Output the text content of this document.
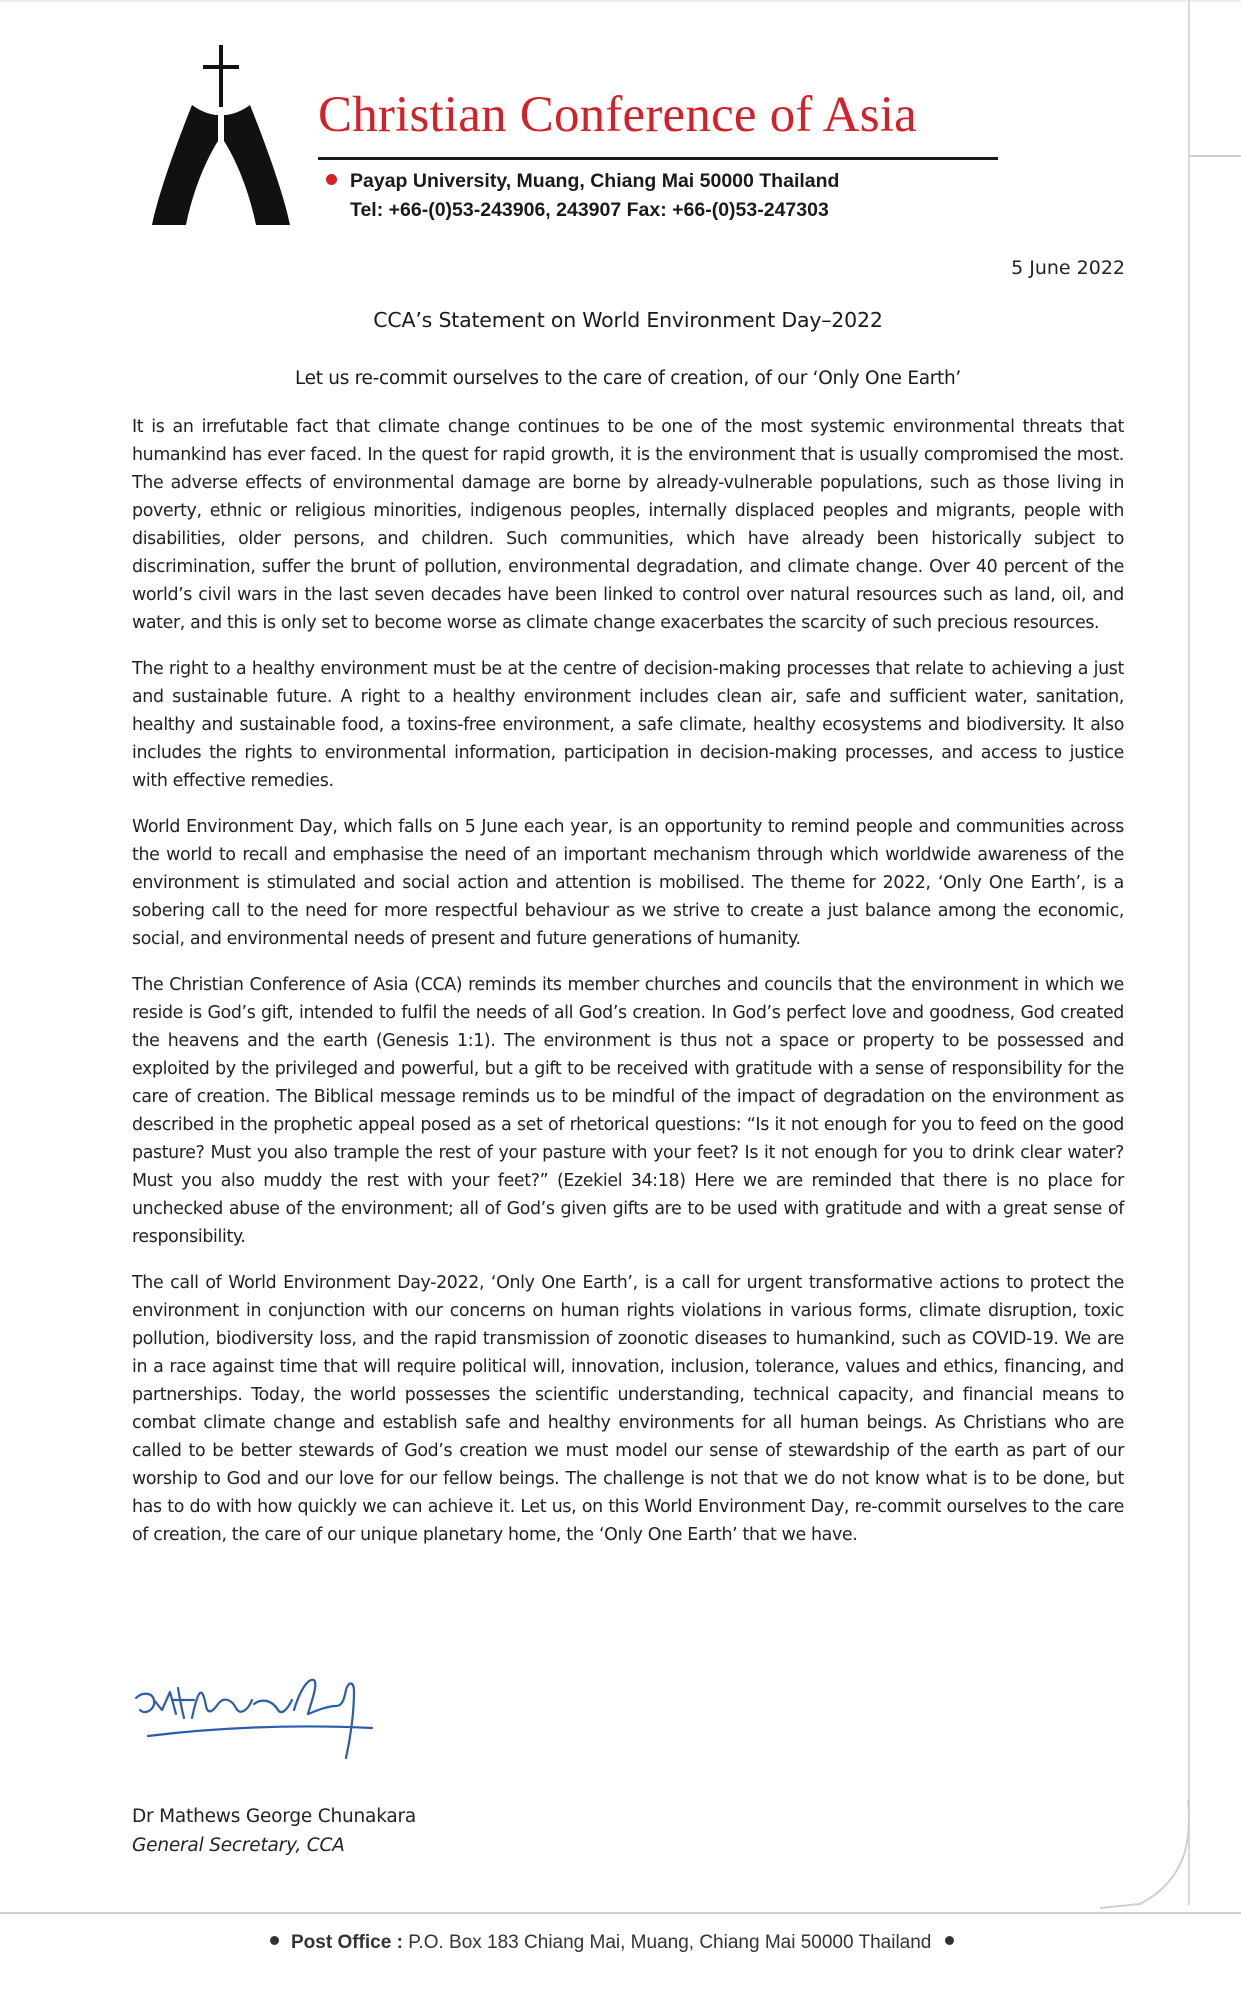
Christian Conference of Asia
Payap University, Muang, Chiang Mai 50000 Thailand
Tel: +66-(0)53-243906, 243907 Fax: +66-(0)53-247303
5 June 2022
CCA’s Statement on World Environment Day–2022
Let us re-commit ourselves to the care of creation, of our ‘Only One Earth’

It is an irrefutable fact that climate change continues to be one of the most systemic environmental threats that humankind has ever faced. In the quest for rapid growth, it is the environment that is usually compromised the most. The adverse effects of environmental damage are borne by already-vulnerable populations, such as those living in poverty, ethnic or religious minorities, indigenous peoples, internally displaced peoples and migrants, people with disabilities, older persons, and children. Such communities, which have already been historically subject to discrimination, suffer the brunt of pollution, environmental degradation, and climate change. Over 40 percent of the world’s civil wars in the last seven decades have been linked to control over natural resources such as land, oil, and water, and this is only set to become worse as climate change exacerbates the scarcity of such precious resources.

The right to a healthy environment must be at the centre of decision-making processes that relate to achieving a just and sustainable future. A right to a healthy environment includes clean air, safe and sufficient water, sanitation, healthy and sustainable food, a toxins-free environment, a safe climate, healthy ecosystems and biodiversity. It also includes the rights to environmental information, participation in decision-making processes, and access to justice with effective remedies.

World Environment Day, which falls on 5 June each year, is an opportunity to remind people and communities across the world to recall and emphasise the need of an important mechanism through which worldwide awareness of the environment is stimulated and social action and attention is mobilised. The theme for 2022, ‘Only One Earth’, is a sobering call to the need for more respectful behaviour as we strive to create a just balance among the economic, social, and environmental needs of present and future generations of humanity.

The Christian Conference of Asia (CCA) reminds its member churches and councils that the environment in which we reside is God’s gift, intended to fulfil the needs of all God’s creation. In God’s perfect love and goodness, God created the heavens and the earth (Genesis 1:1). The environment is thus not a space or property to be possessed and exploited by the privileged and powerful, but a gift to be received with gratitude with a sense of responsibility for the care of creation. The Biblical message reminds us to be mindful of the impact of degradation on the environment as described in the prophetic appeal posed as a set of rhetorical questions: “Is it not enough for you to feed on the good pasture? Must you also trample the rest of your pasture with your feet? Is it not enough for you to drink clear water? Must you also muddy the rest with your feet?” (Ezekiel 34:18) Here we are reminded that there is no place for unchecked abuse of the environment; all of God’s given gifts are to be used with gratitude and with a great sense of responsibility.

The call of World Environment Day-2022, ‘Only One Earth’, is a call for urgent transformative actions to protect the environment in conjunction with our concerns on human rights violations in various forms, climate disruption, toxic pollution, biodiversity loss, and the rapid transmission of zoonotic diseases to humankind, such as COVID-19. We are in a race against time that will require political will, innovation, inclusion, tolerance, values and ethics, financing, and partnerships. Today, the world possesses the scientific understanding, technical capacity, and financial means to combat climate change and establish safe and healthy environments for all human beings. As Christians who are called to be better stewards of God’s creation we must model our sense of stewardship of the earth as part of our worship to God and our love for our fellow beings. The challenge is not that we do not know what is to be done, but has to do with how quickly we can achieve it. Let us, on this World Environment Day, re-commit ourselves to the care of creation, the care of our unique planetary home, the ‘Only One Earth’ that we have.

Dr Mathews George Chunakara
General Secretary, CCA
Post Office : P.O. Box 183 Chiang Mai, Muang, Chiang Mai 50000 Thailand
